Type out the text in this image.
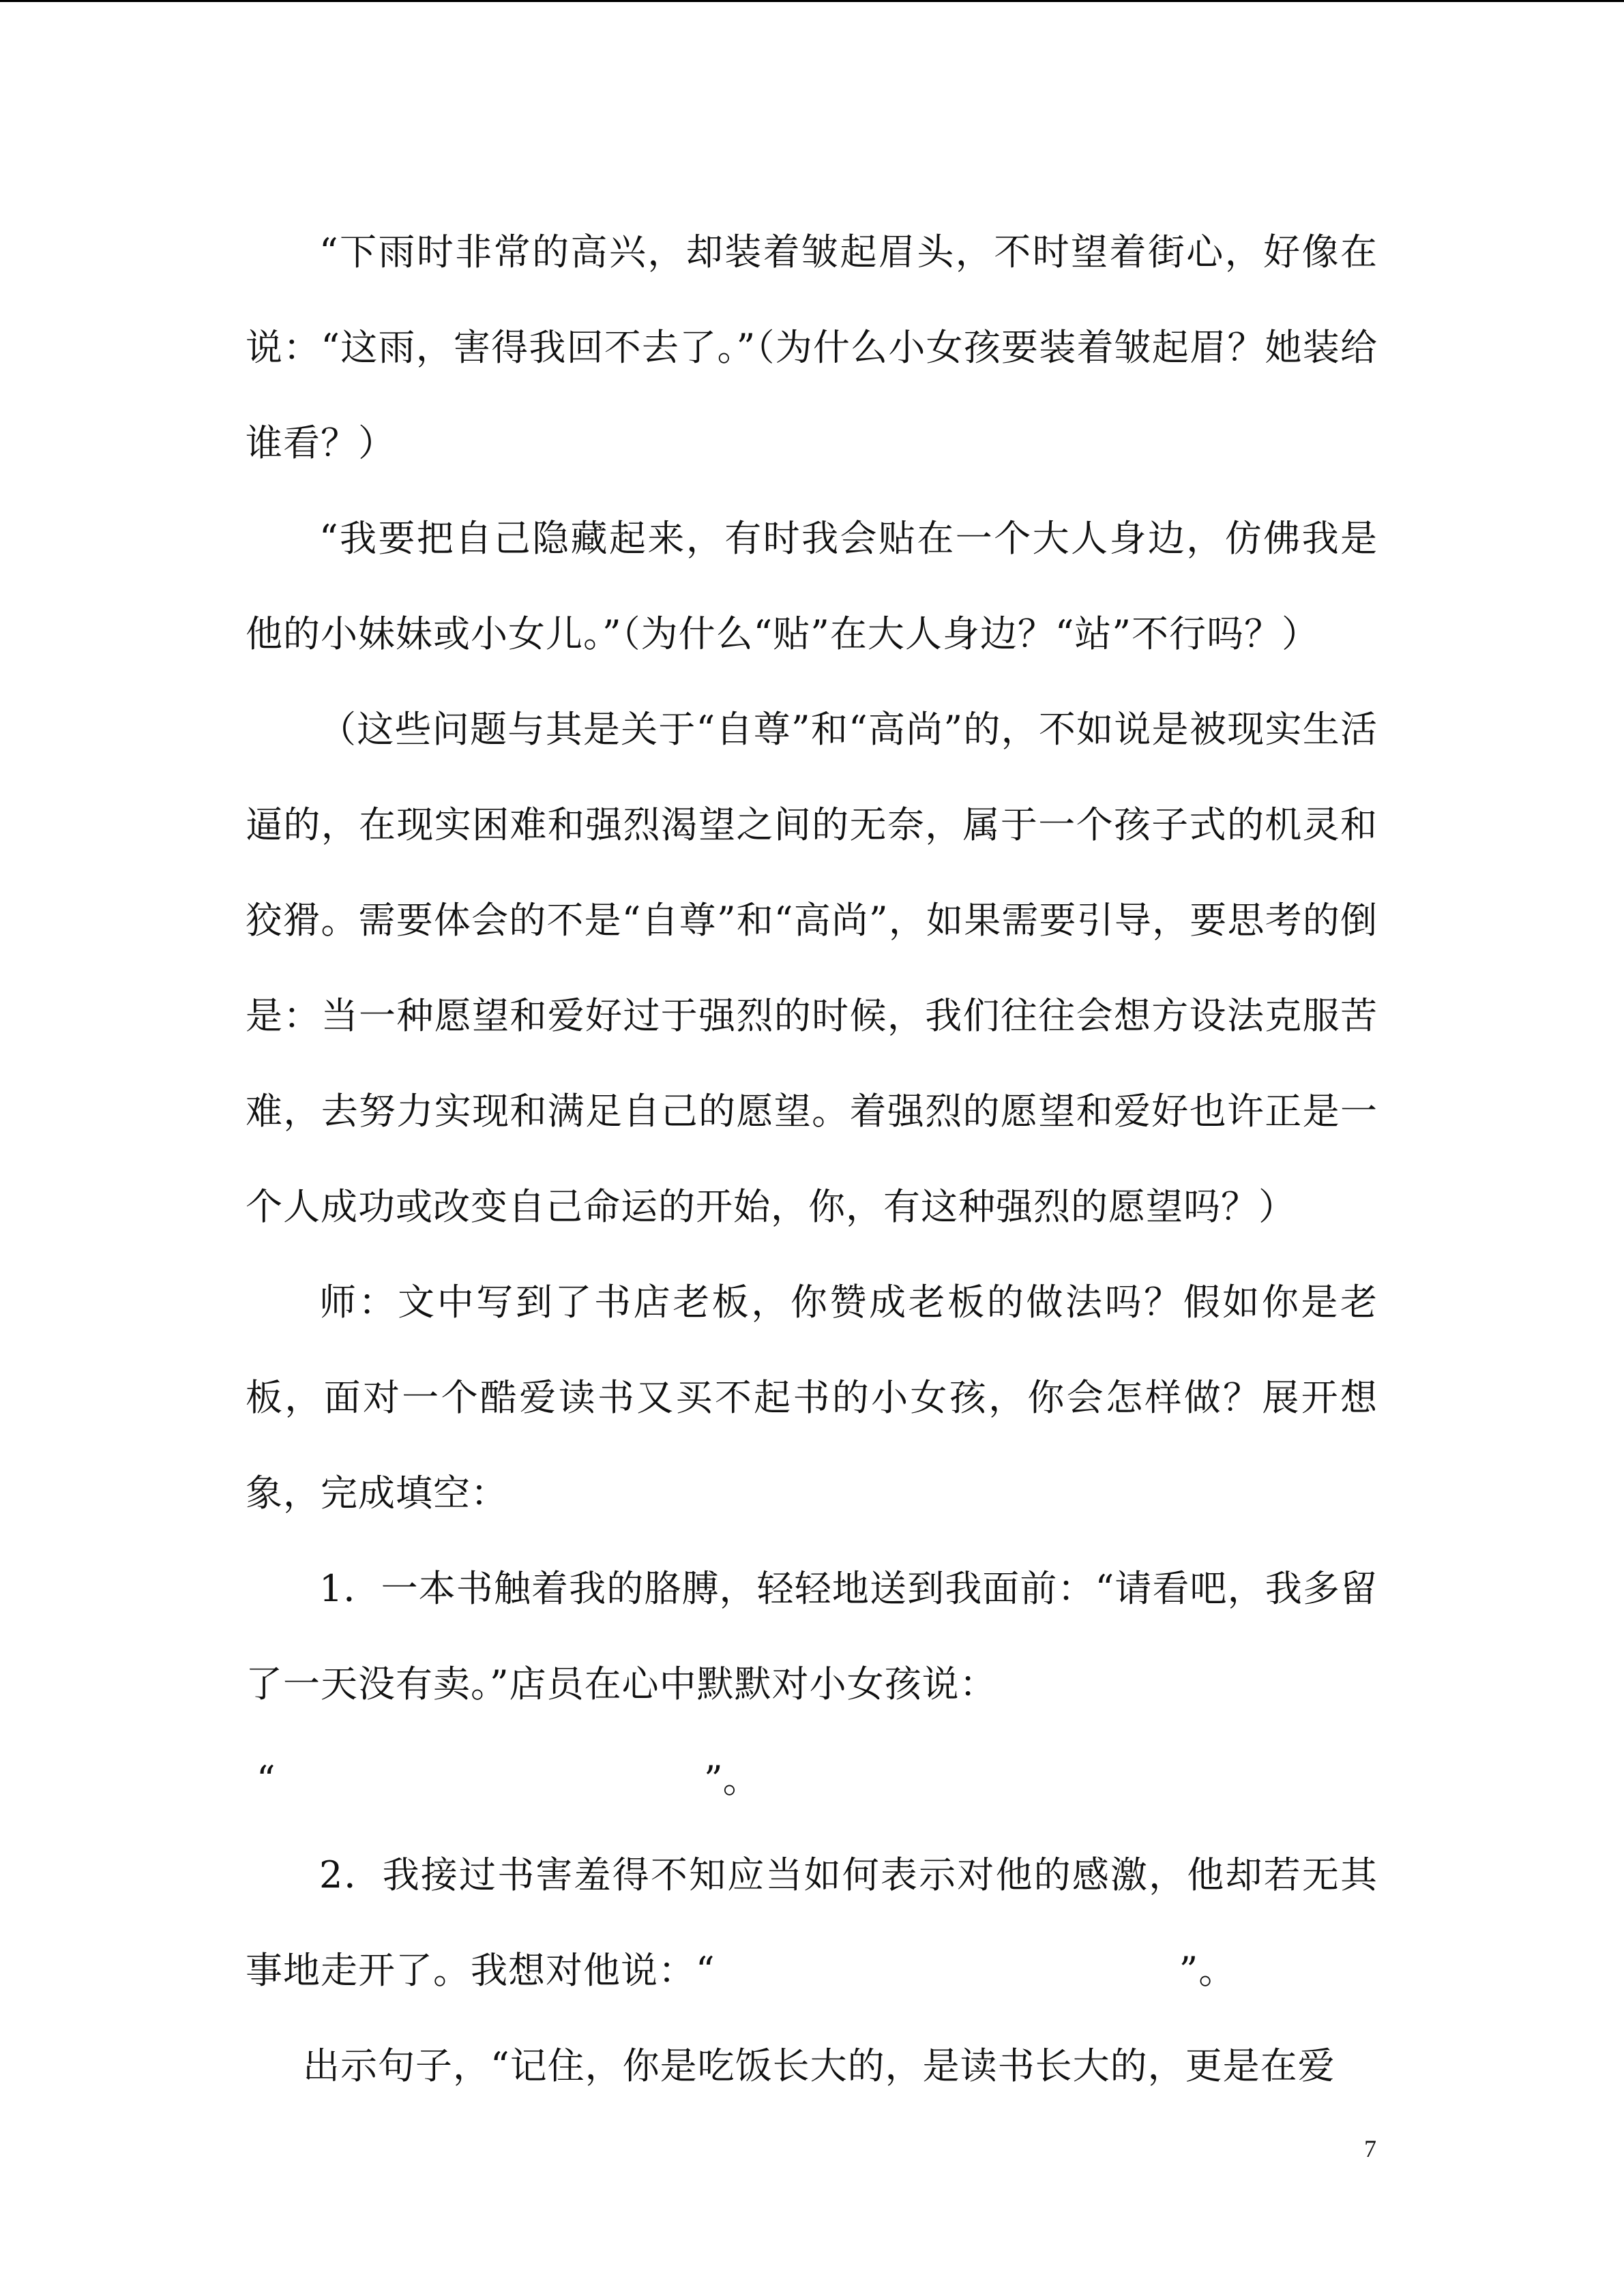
“下雨时非常的高兴，却装着皱起眉头，不时望着街心，好像在说：“这雨，害得我回不去了。”（为什么小女孩要装着皱起眉？她装给谁看？）

“我要把自己隐藏起来，有时我会贴在一个大人身边，仿佛我是他的小妹妹或小女儿。”（为什么“贴”在大人身边？“站”不行吗？）

（这些问题与其是关于“自尊”和“高尚”的，不如说是被现实生活逼的，在现实困难和强烈渴望之间的无奈，属于一个孩子式的机灵和狡猾。需要体会的不是“自尊”和“高尚”，如果需要引导，要思考的倒是：当一种愿望和爱好过于强烈的时候，我们往往会想方设法克服苦难，去努力实现和满足自己的愿望。着强烈的愿望和爱好也许正是一个人成功或改变自己命运的开始，你，有这种强烈的愿望吗？）

师：文中写到了书店老板，你赞成老板的做法吗？假如你是老板，面对一个酷爱读书又买不起书的小女孩，你会怎样做？展开想象，完成填空：

1．一本书触着我的胳膊，轻轻地送到我面前：“请看吧，我多留了一天没有卖。”店员在心中默默对小女孩说：

“	”。

2．我接过书害羞得不知应当如何表示对他的感激，他却若无其事地走开了。我想对他说：“	”。

出示句子，“记住，你是吃饭长大的，是读书长大的，更是在爱

7
